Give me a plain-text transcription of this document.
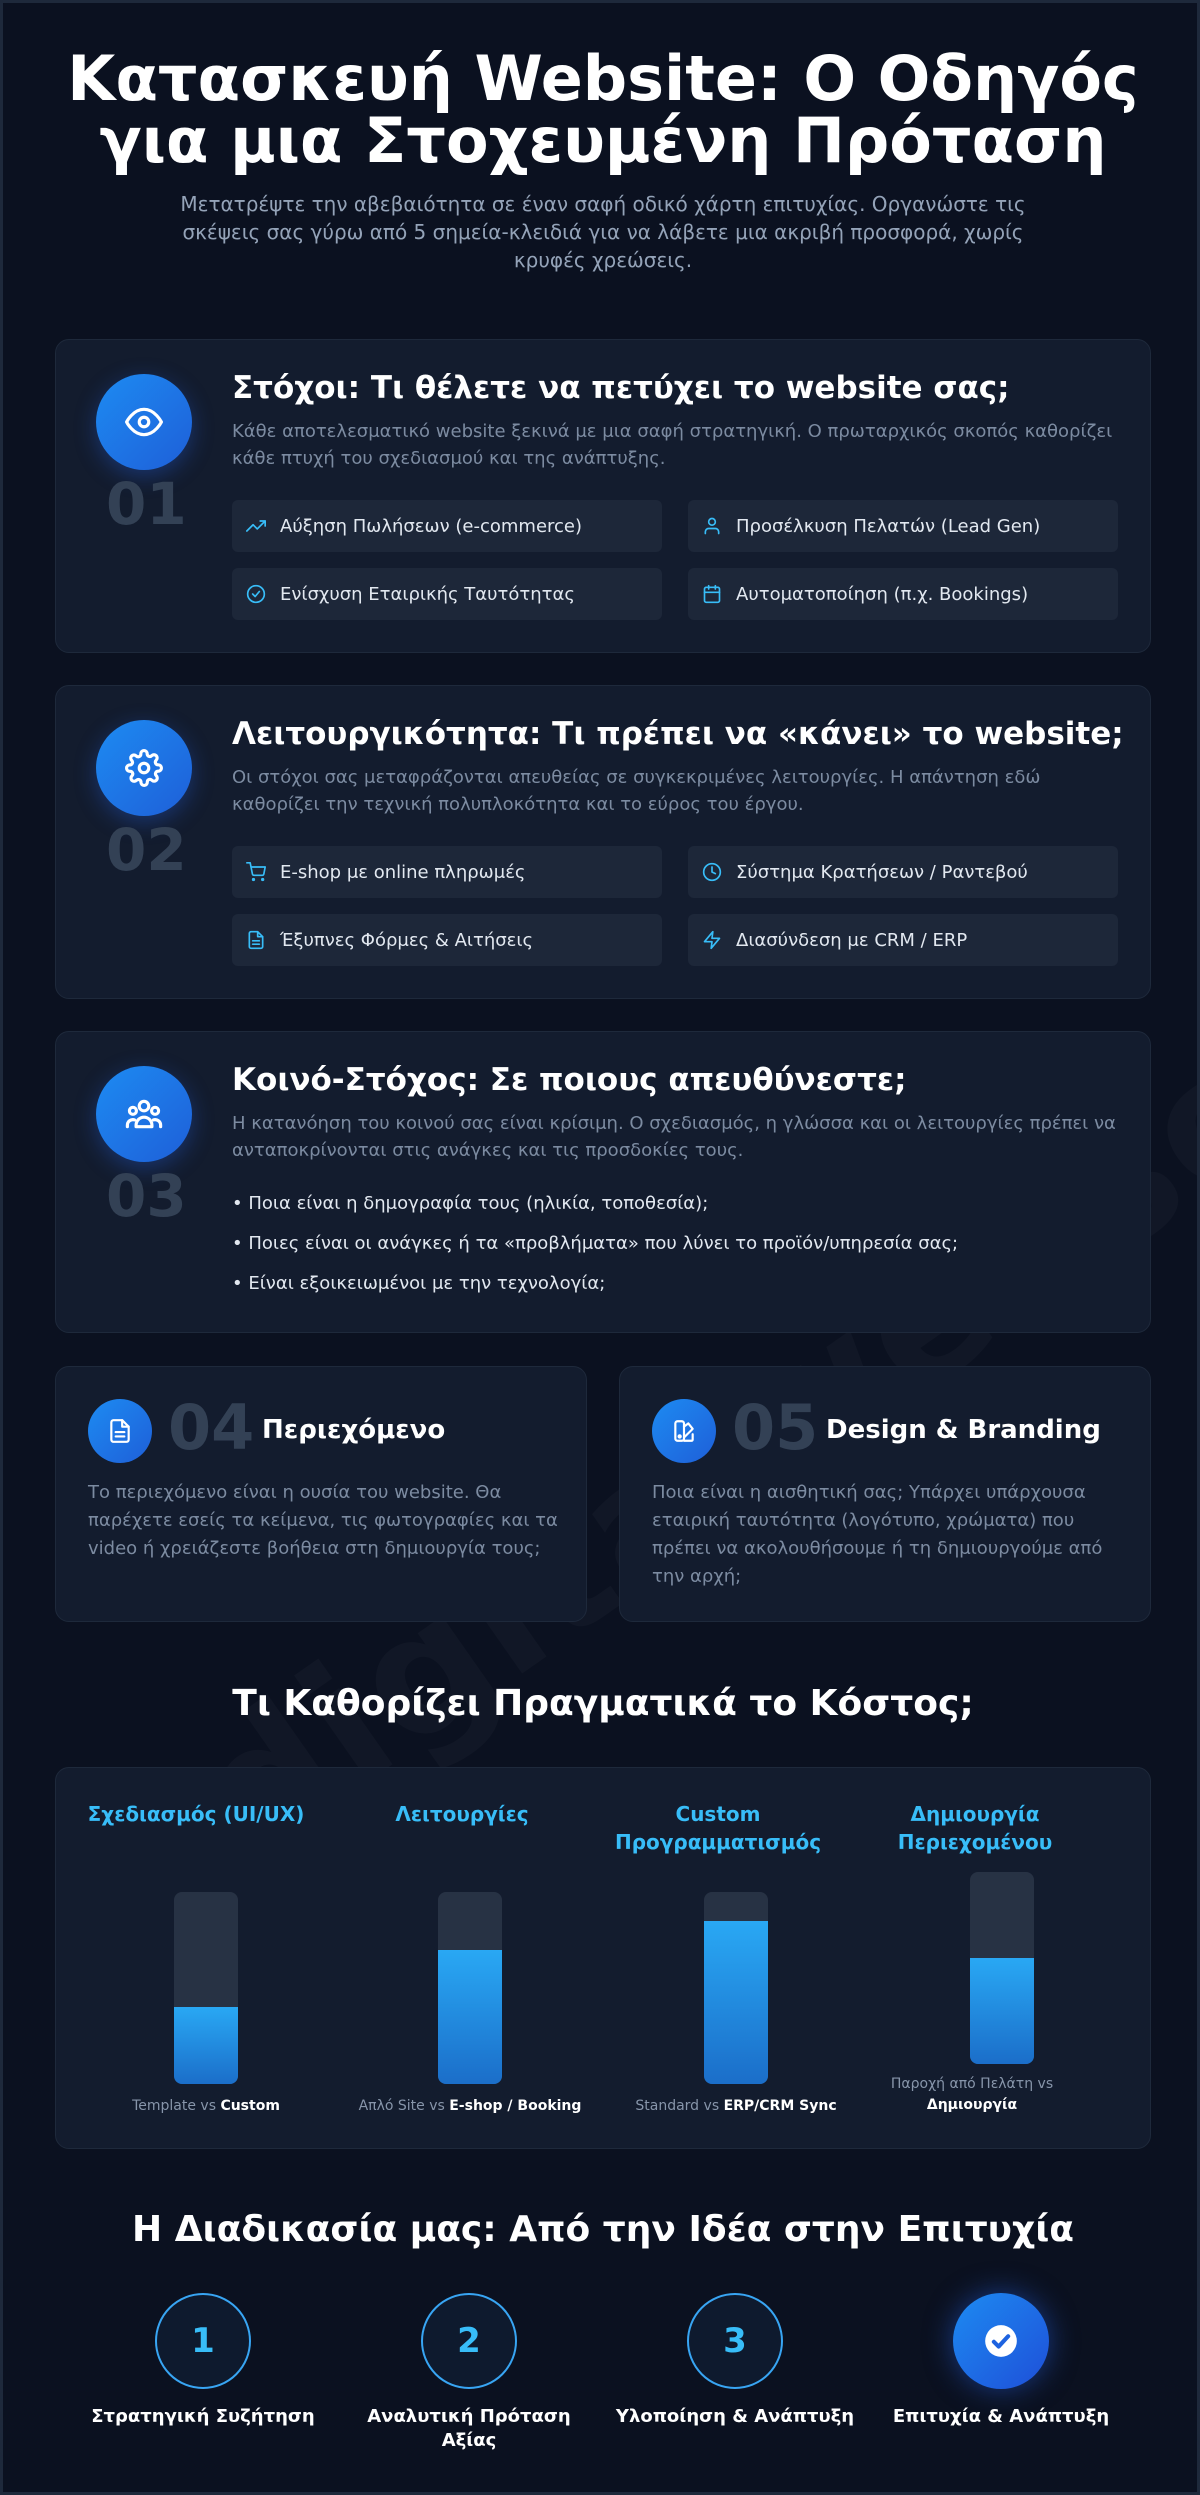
Κατασκευή Website: Ο Οδηγός για μια Στοχευμένη Πρόταση

Μετατρέψτε την αβεβαιότητα σε έναν σαφή οδικό χάρτη επιτυχίας. Οργανώστε τις σκέψεις σας γύρω από 5 σημεία-κλειδιά για να λάβετε μια ακριβή προσφορά, χωρίς κρυφές χρεώσεις.

01
Στόχοι: Τι θέλετε να πετύχει το website σας;
Κάθε αποτελεσματικό website ξεκινά με μια σαφή στρατηγική. Ο πρωταρχικός σκοπός καθορίζει κάθε πτυχή του σχεδιασμού και της ανάπτυξης.
Αύξηση Πωλήσεων (e-commerce)	Προσέλκυση Πελατών (Lead Gen)
Ενίσχυση Εταιρικής Ταυτότητας	Αυτοματοποίηση (π.χ. Bookings)
02
Λειτουργικότητα: Τι πρέπει να «κάνει» το website;
Οι στόχοι σας μεταφράζονται απευθείας σε συγκεκριμένες λειτουργίες. Η απάντηση εδώ καθορίζει την τεχνική πολυπλοκότητα και το εύρος του έργου.
E-shop με online πληρωμές	Σύστημα Κρατήσεων / Ραντεβού
Έξυπνες Φόρμες & Αιτήσεις	Διασύνδεση με CRM / ERP
03
Κοινό-Στόχος: Σε ποιους απευθύνεστε;
Η κατανόηση του κοινού σας είναι κρίσιμη. Ο σχεδιασμός, η γλώσσα και οι λειτουργίες πρέπει να ανταποκρίνονται στις ανάγκες και τις προσδοκίες τους.
• Ποια είναι η δημογραφία τους (ηλικία, τοποθεσία);
• Ποιες είναι οι ανάγκες ή τα «προβλήματα» που λύνει το προϊόν/υπηρεσία σας;
• Είναι εξοικειωμένοι με την τεχνολογία;
04 Περιεχόμενο
Το περιεχόμενο είναι η ουσία του website. Θα παρέχετε εσείς τα κείμενα, τις φωτογραφίες και τα video ή χρειάζεστε βοήθεια στη δημιουργία τους;
05 Design & Branding
Ποια είναι η αισθητική σας; Υπάρχει υπάρχουσα εταιρική ταυτότητα (λογότυπο, χρώματα) που πρέπει να ακολουθήσουμε ή τη δημιουργούμε από την αρχή;
Τι Καθορίζει Πραγματικά το Κόστος;
Σχεδιασμός (UI/UX)
Template vs Custom
Λειτουργίες
Απλό Site vs E-shop / Booking
Custom Προγραμματισμός
Standard vs ERP/CRM Sync
Δημιουργία Περιεχομένου
Παροχή από Πελάτη vs
Δημιουργία
Η Διαδικασία μας: Από την Ιδέα στην Επιτυχία
1
Στρατηγική Συζήτηση
2
Αναλυτική Πρόταση Αξίας
3
Υλοποίηση & Ανάπτυξη	Επιτυχία & Ανάπτυξη
